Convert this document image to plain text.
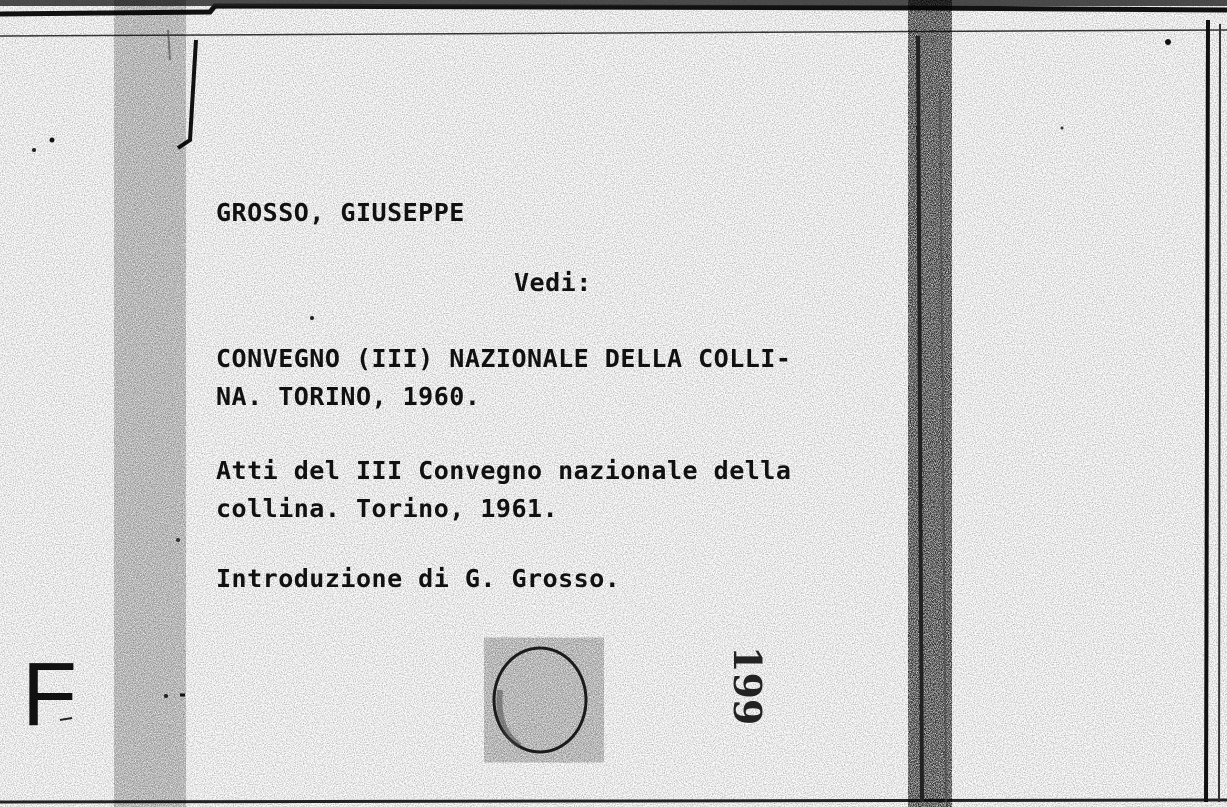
GROSSO, GIUSEPPE
Vedi:
CONVEGNO (III) NAZIONALE DELLA COLLI-
NA. TORINO, 1960.
Atti del III Convegno nazionale della
collina. Torino, 1961.
Introduzione di G. Grosso.
F	199
